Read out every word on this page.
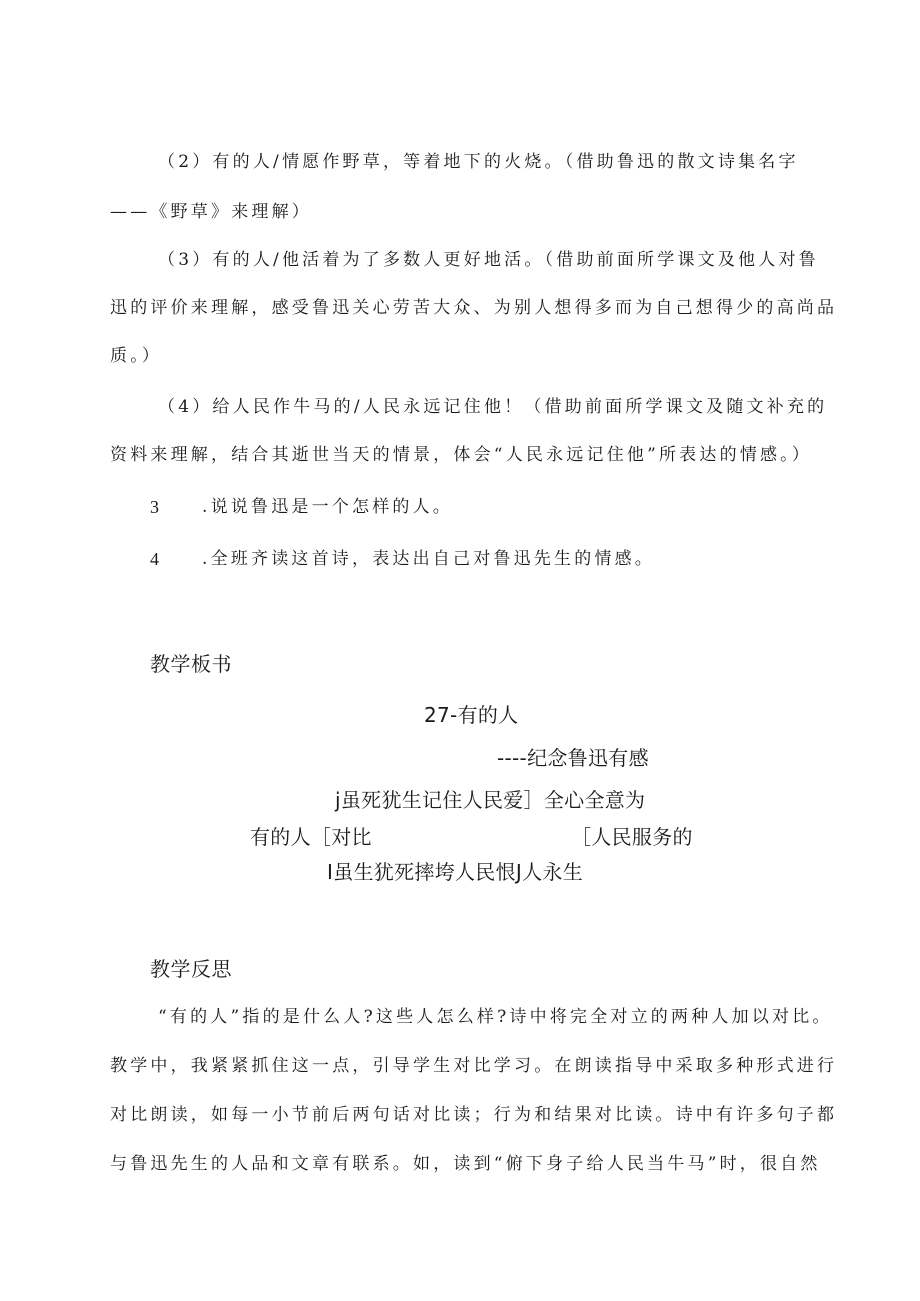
（2）有的人/情愿作野草，等着地下的火烧。（借助鲁迅的散文诗集名字
——《野草》来理解）
（3）有的人/他活着为了多数人更好地活。（借助前面所学课文及他人对鲁
迅的评价来理解，感受鲁迅关心劳苦大众、为别人想得多而为自己想得少的高尚品
质。）
（4）给人民作牛马的/人民永远记住他！（借助前面所学课文及随文补充的
资料来理解，结合其逝世当天的情景，体会“人民永远记住他”所表达的情感。）
3	.说说鲁迅是一个怎样的人。
4	.全班齐读这首诗，表达出自己对鲁迅先生的情感。
教学板书
27-有的人
----纪念鲁迅有感
j虽死犹生记住人民爱］全心全意为
有的人［对比	［人民服务的
I虽生犹死摔垮人民恨J人永生
教学反思
“有的人”指的是什么人?这些人怎么样?诗中将完全对立的两种人加以对比。
教学中，我紧紧抓住这一点，引导学生对比学习。在朗读指导中采取多种形式进行
对比朗读，如每一小节前后两句话对比读；行为和结果对比读。诗中有许多句子都
与鲁迅先生的人品和文章有联系。如，读到“俯下身子给人民当牛马”时，很自然
